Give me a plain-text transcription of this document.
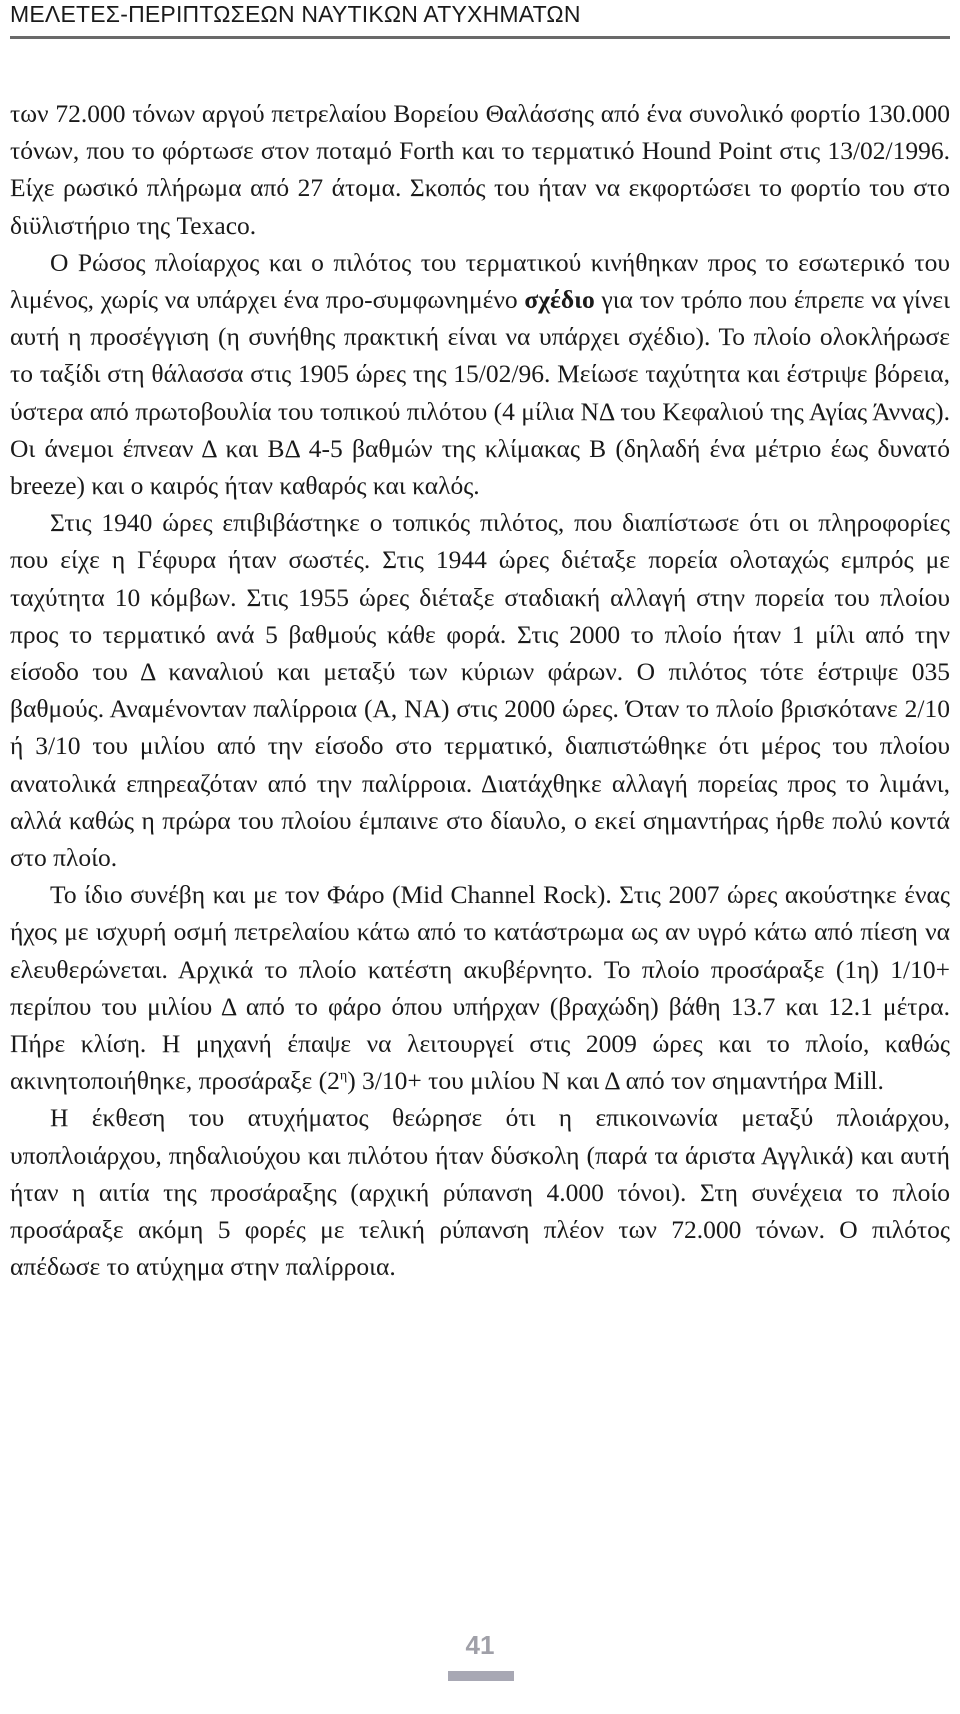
ΜΕΛΕΤΕΣ-ΠΕΡΙΠΤΩΣΕΩΝ ΝΑΥΤΙΚΩΝ ΑΤΥΧΗΜΑΤΩΝ

των 72.000 τόνων αργού πετρελαίου Βορείου Θαλάσσης από ένα συνολικό φορτίο 130.000 τόνων, που το φόρτωσε στον ποταμό Forth και το τερματικό Hound Point στις 13/02/1996. Είχε ρωσικό πλήρωμα από 27 άτομα. Σκοπός του ήταν να εκφορτώσει το φορτίο του στο διϋλιστήριο της Texaco.

Ο Ρώσος πλοίαρχος και ο πιλότος του τερματικού κινήθηκαν προς το εσωτερικό του λιμένος, χωρίς να υπάρχει ένα προ-συμφωνημένο σχέδιο για τον τρόπο που έπρεπε να γίνει αυτή η προσέγγιση (η συνήθης πρακτική είναι να υπάρχει σχέδιο). Το πλοίο ολοκλήρωσε το ταξίδι στη θάλασσα στις 1905 ώρες της 15/02/96. Μείωσε ταχύτητα και έστριψε βόρεια, ύστερα από πρωτοβουλία του τοπικού πιλότου (4 μίλια ΝΔ του Κεφαλιού της Αγίας Άννας). Οι άνεμοι έπνεαν Δ και ΒΔ 4-5 βαθμών της κλίμακας Β (δηλαδή ένα μέτριο έως δυνατό breeze) και ο καιρός ήταν καθαρός και καλός.

Στις 1940 ώρες επιβιβάστηκε ο τοπικός πιλότος, που διαπίστωσε ότι οι πληροφορίες που είχε η Γέφυρα ήταν σωστές. Στις 1944 ώρες διέταξε πορεία ολοταχώς εμπρός με ταχύτητα 10 κόμβων. Στις 1955 ώρες διέταξε σταδιακή αλλαγή στην πορεία του πλοίου προς το τερματικό ανά 5 βαθμούς κάθε φορά. Στις 2000 το πλοίο ήταν 1 μίλι από την είσοδο του Δ καναλιού και μεταξύ των κύριων φάρων. Ο πιλότος τότε έστριψε 035 βαθμούς. Αναμένονταν παλίρροια (Α, ΝΑ) στις 2000 ώρες. Όταν το πλοίο βρισκότανε 2/10 ή 3/10 του μιλίου από την είσοδο στο τερματικό, διαπιστώθηκε ότι μέρος του πλοίου ανατολικά επηρεαζόταν από την παλίρροια. Διατάχθηκε αλλαγή πορείας προς το λιμάνι, αλλά καθώς η πρώρα του πλοίου έμπαινε στο δίαυλο, ο εκεί σημαντήρας ήρθε πολύ κοντά στο πλοίο.

Το ίδιο συνέβη και με τον Φάρο (Mid Channel Rock). Στις 2007 ώρες ακούστηκε ένας ήχος με ισχυρή οσμή πετρελαίου κάτω από το κατάστρωμα ως αν υγρό κάτω από πίεση να ελευθερώνεται. Αρχικά το πλοίο κατέστη ακυβέρνητο. Το πλοίο προσάραξε (1η) 1/10+ περίπου του μιλίου Δ από το φάρο όπου υπήρχαν (βραχώδη) βάθη 13.7 και 12.1 μέτρα. Πήρε κλίση. Η μηχανή έπαψε να λειτουργεί στις 2009 ώρες και το πλοίο, καθώς ακινητοποιήθηκε, προσάραξε $(2^\eta)$ 3/10+ του μιλίου Ν και Δ από τον σημαντήρα Mill.

Η έκθεση του ατυχήματος θεώρησε ότι η επικοινωνία μεταξύ πλοιάρχου, υποπλοιάρχου, πηδαλιούχου και πιλότου ήταν δύσκολη (παρά τα άριστα Αγγλικά) και αυτή ήταν η αιτία της προσάραξης (αρχική ρύπανση 4.000 τόνοι). Στη συνέχεια το πλοίο προσάραξε ακόμη 5 φορές με τελική ρύπανση πλέον των 72.000 τόνων. Ο πιλότος απέδωσε το ατύχημα στην παλίρροια.

41
